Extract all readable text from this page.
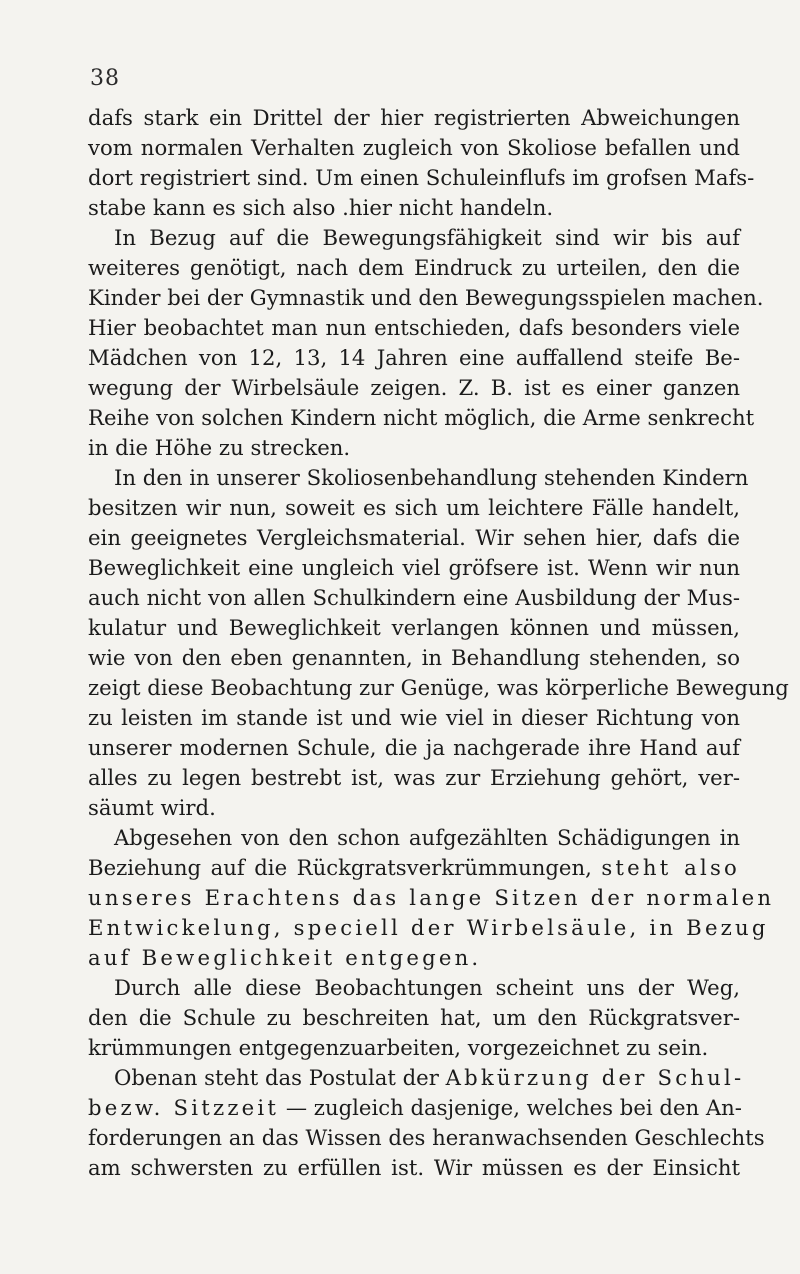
38
dafs stark ein Drittel der hier registrierten Abweichungen
vom normalen Verhalten zugleich von Skoliose befallen und
dort registriert sind. Um einen Schuleinflufs im grofsen Mafs-
stabe kann es sich also .hier nicht handeln.
In Bezug auf die Bewegungsfähigkeit sind wir bis auf
weiteres genötigt, nach dem Eindruck zu urteilen, den die
Kinder bei der Gymnastik und den Bewegungsspielen machen.
Hier beobachtet man nun entschieden, dafs besonders viele
Mädchen von 12, 13, 14 Jahren eine auffallend steife Be-
wegung der Wirbelsäule zeigen. Z. B. ist es einer ganzen
Reihe von solchen Kindern nicht möglich, die Arme senkrecht
in die Höhe zu strecken.
In den in unserer Skoliosenbehandlung stehenden Kindern
besitzen wir nun, soweit es sich um leichtere Fälle handelt,
ein geeignetes Vergleichsmaterial. Wir sehen hier, dafs die
Beweglichkeit eine ungleich viel gröfsere ist. Wenn wir nun
auch nicht von allen Schulkindern eine Ausbildung der Mus-
kulatur und Beweglichkeit verlangen können und müssen,
wie von den eben genannten, in Behandlung stehenden, so
zeigt diese Beobachtung zur Genüge, was körperliche Bewegung
zu leisten im stande ist und wie viel in dieser Richtung von
unserer modernen Schule, die ja nachgerade ihre Hand auf
alles zu legen bestrebt ist, was zur Erziehung gehört, ver-
säumt wird.
Abgesehen von den schon aufgezählten Schädigungen in
Beziehung auf die Rückgratsverkrümmungen, steht also
unseres Erachtens das lange Sitzen der normalen
Entwickelung, speciell der Wirbelsäule, in Bezug
auf Beweglichkeit entgegen.
Durch alle diese Beobachtungen scheint uns der Weg,
den die Schule zu beschreiten hat, um den Rückgratsver-
krümmungen entgegenzuarbeiten, vorgezeichnet zu sein.
Obenan steht das Postulat der Abkürzung der Schul-
bezw. Sitzzeit — zugleich dasjenige, welches bei den An-
forderungen an das Wissen des heranwachsenden Geschlechts
am schwersten zu erfüllen ist. Wir müssen es der Einsicht
